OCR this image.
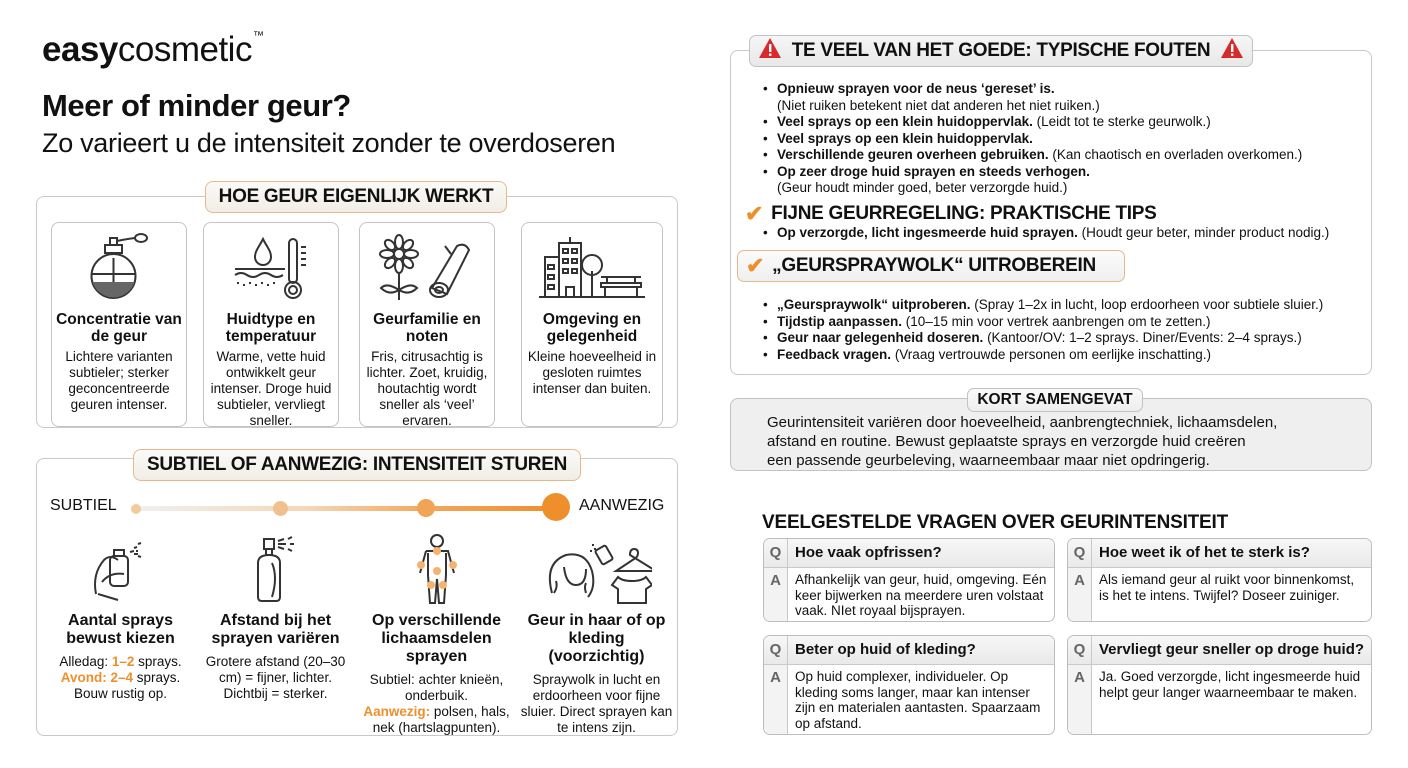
easycosmetic™
Meer of minder geur?
Zo varieert u de intensiteit zonder te overdoseren
HOE GEUR EIGENLIJK WERKT
Concentratie van de geur
Lichtere varianten subtieler; sterker geconcentreerde geuren intenser.
Huidtype en temperatuur
Warme, vette huid ontwikkelt geur intenser. Droge huid subtieler, vervliegt sneller.
Geurfamilie en noten
Fris, citrusachtig is lichter. Zoet, kruidig, houtachtig wordt sneller als ‘veel’ ervaren.
Omgeving en gelegenheid
Kleine hoeveelheid in gesloten ruimtes intenser dan buiten.
SUBTIEL OF AANWEZIG: INTENSITEIT STUREN
SUBTIEL	AANWEZIG
Aantal sprays bewust kiezen
Alledag: 1–2 sprays.
Avond: 2–4 sprays.
Bouw rustig op.
Afstand bij het sprayen variëren
Grotere afstand (20–30 cm) = fijner, lichter.
Dichtbij = sterker.
Op verschillende lichaamsdelen sprayen
Subtiel: achter knieën, onderbuik.
Aanwezig: polsen, hals, nek (hartslagpunten).
Geur in haar of op kleding (voorzichtig)
Spraywolk in lucht en erdoorheen voor fijne sluier. Direct sprayen kan te intens zijn.
TE VEEL VAN HET GOEDE: TYPISCHE FOUTEN
• Opnieuw sprayen voor de neus ‘gereset’ is.
(Niet ruiken betekent niet dat anderen het niet ruiken.)
• Veel sprays op een klein huidoppervlak. (Leidt tot te sterke geurwolk.)
• Veel sprays op een klein huidoppervlak.
• Verschillende geuren overheen gebruiken. (Kan chaotisch en overladen overkomen.)
• Op zeer droge huid sprayen en steeds verhogen.
(Geur houdt minder goed, beter verzorgde huid.)
✔ FIJNE GEURREGELING: PRAKTISCHE TIPS
• Op verzorgde, licht ingesmeerde huid sprayen. (Houdt geur beter, minder product nodig.)
✔ „GEURSPRAYWOLK“ UITROBEREIN
• „Geurspraywolk“ uitproberen. (Spray 1–2x in lucht, loop erdoorheen voor subtiele sluier.)
• Tijdstip aanpassen. (10–15 min voor vertrek aanbrengen om te zetten.)
• Geur naar gelegenheid doseren. (Kantoor/OV: 1–2 sprays. Diner/Events: 2–4 sprays.)
• Feedback vragen. (Vraag vertrouwde personen om eerlijke inschatting.)
KORT SAMENGEVAT
Geurintensiteit variëren door hoeveelheid, aanbrengtechniek, lichaamsdelen,
afstand en routine. Bewust geplaatste sprays en verzorgde huid creëren
een passende geurbeleving, waarneembaar maar niet opdringerig.
VEELGESTELDE VRAGEN OVER GEURINTENSITEIT
Q Hoe vaak opfrissen?
A	Afhankelijk van geur, huid, omgeving. Eén keer bijwerken na meerdere uren volstaat vaak. NIet royaal bijsprayen.
Q Hoe weet ik of het te sterk is?
A	Als iemand geur al ruikt voor binnenkomst, is het te intens. Twijfel? Doseer zuiniger.
Q Beter op huid of kleding?
A	Op huid complexer, individueler. Op kleding soms langer, maar kan intenser zijn en materialen aantasten. Spaarzaam op afstand.
Q Vervliegt geur sneller op droge huid?
A	Ja. Goed verzorgde, licht ingesmeerde huid helpt geur langer waarneembaar te maken.
